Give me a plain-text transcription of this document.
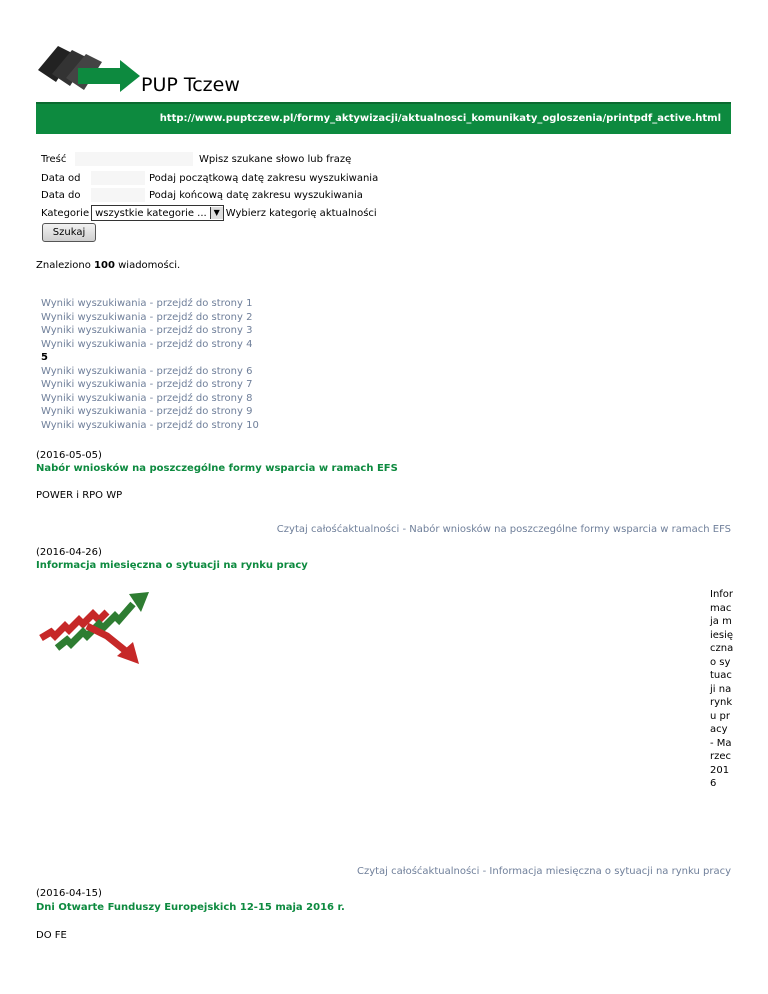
PUP Tczew
http://www.puptczew.pl/formy_aktywizacji/aktualnosci_komunikaty_ogloszenia/printpdf_active.html
Treść	Wpisz szukane słowo lub frazę
Data od	Podaj początkową datę zakresu wyszukiwania
Data do	Podaj końcową datę zakresu wyszukiwania
Kategorie wszystkie kategorie ... ▼ Wybierz kategorię aktualności
Szukaj
Znaleziono 100 wiadomości.
Wyniki wyszukiwania - przejdź do strony 1
Wyniki wyszukiwania - przejdź do strony 2
Wyniki wyszukiwania - przejdź do strony 3
Wyniki wyszukiwania - przejdź do strony 4
5
Wyniki wyszukiwania - przejdź do strony 6
Wyniki wyszukiwania - przejdź do strony 7
Wyniki wyszukiwania - przejdź do strony 8
Wyniki wyszukiwania - przejdź do strony 9
Wyniki wyszukiwania - przejdź do strony 10
(2016-05-05)
Nabór wniosków na poszczególne formy wsparcia w ramach EFS
POWER i RPO WP
Czytaj całośćaktualności - Nabór wniosków na poszczególne formy wsparcia w ramach EFS
(2016-04-26)
Informacja miesięczna o sytuacji na rynku pracy
Informacja miesięczna o sytuacji na rynku pracy - Marzec 2016
Czytaj całośćaktualności - Informacja miesięczna o sytuacji na rynku pracy
(2016-04-15)
Dni Otwarte Funduszy Europejskich 12-15 maja 2016 r.
DO FE
